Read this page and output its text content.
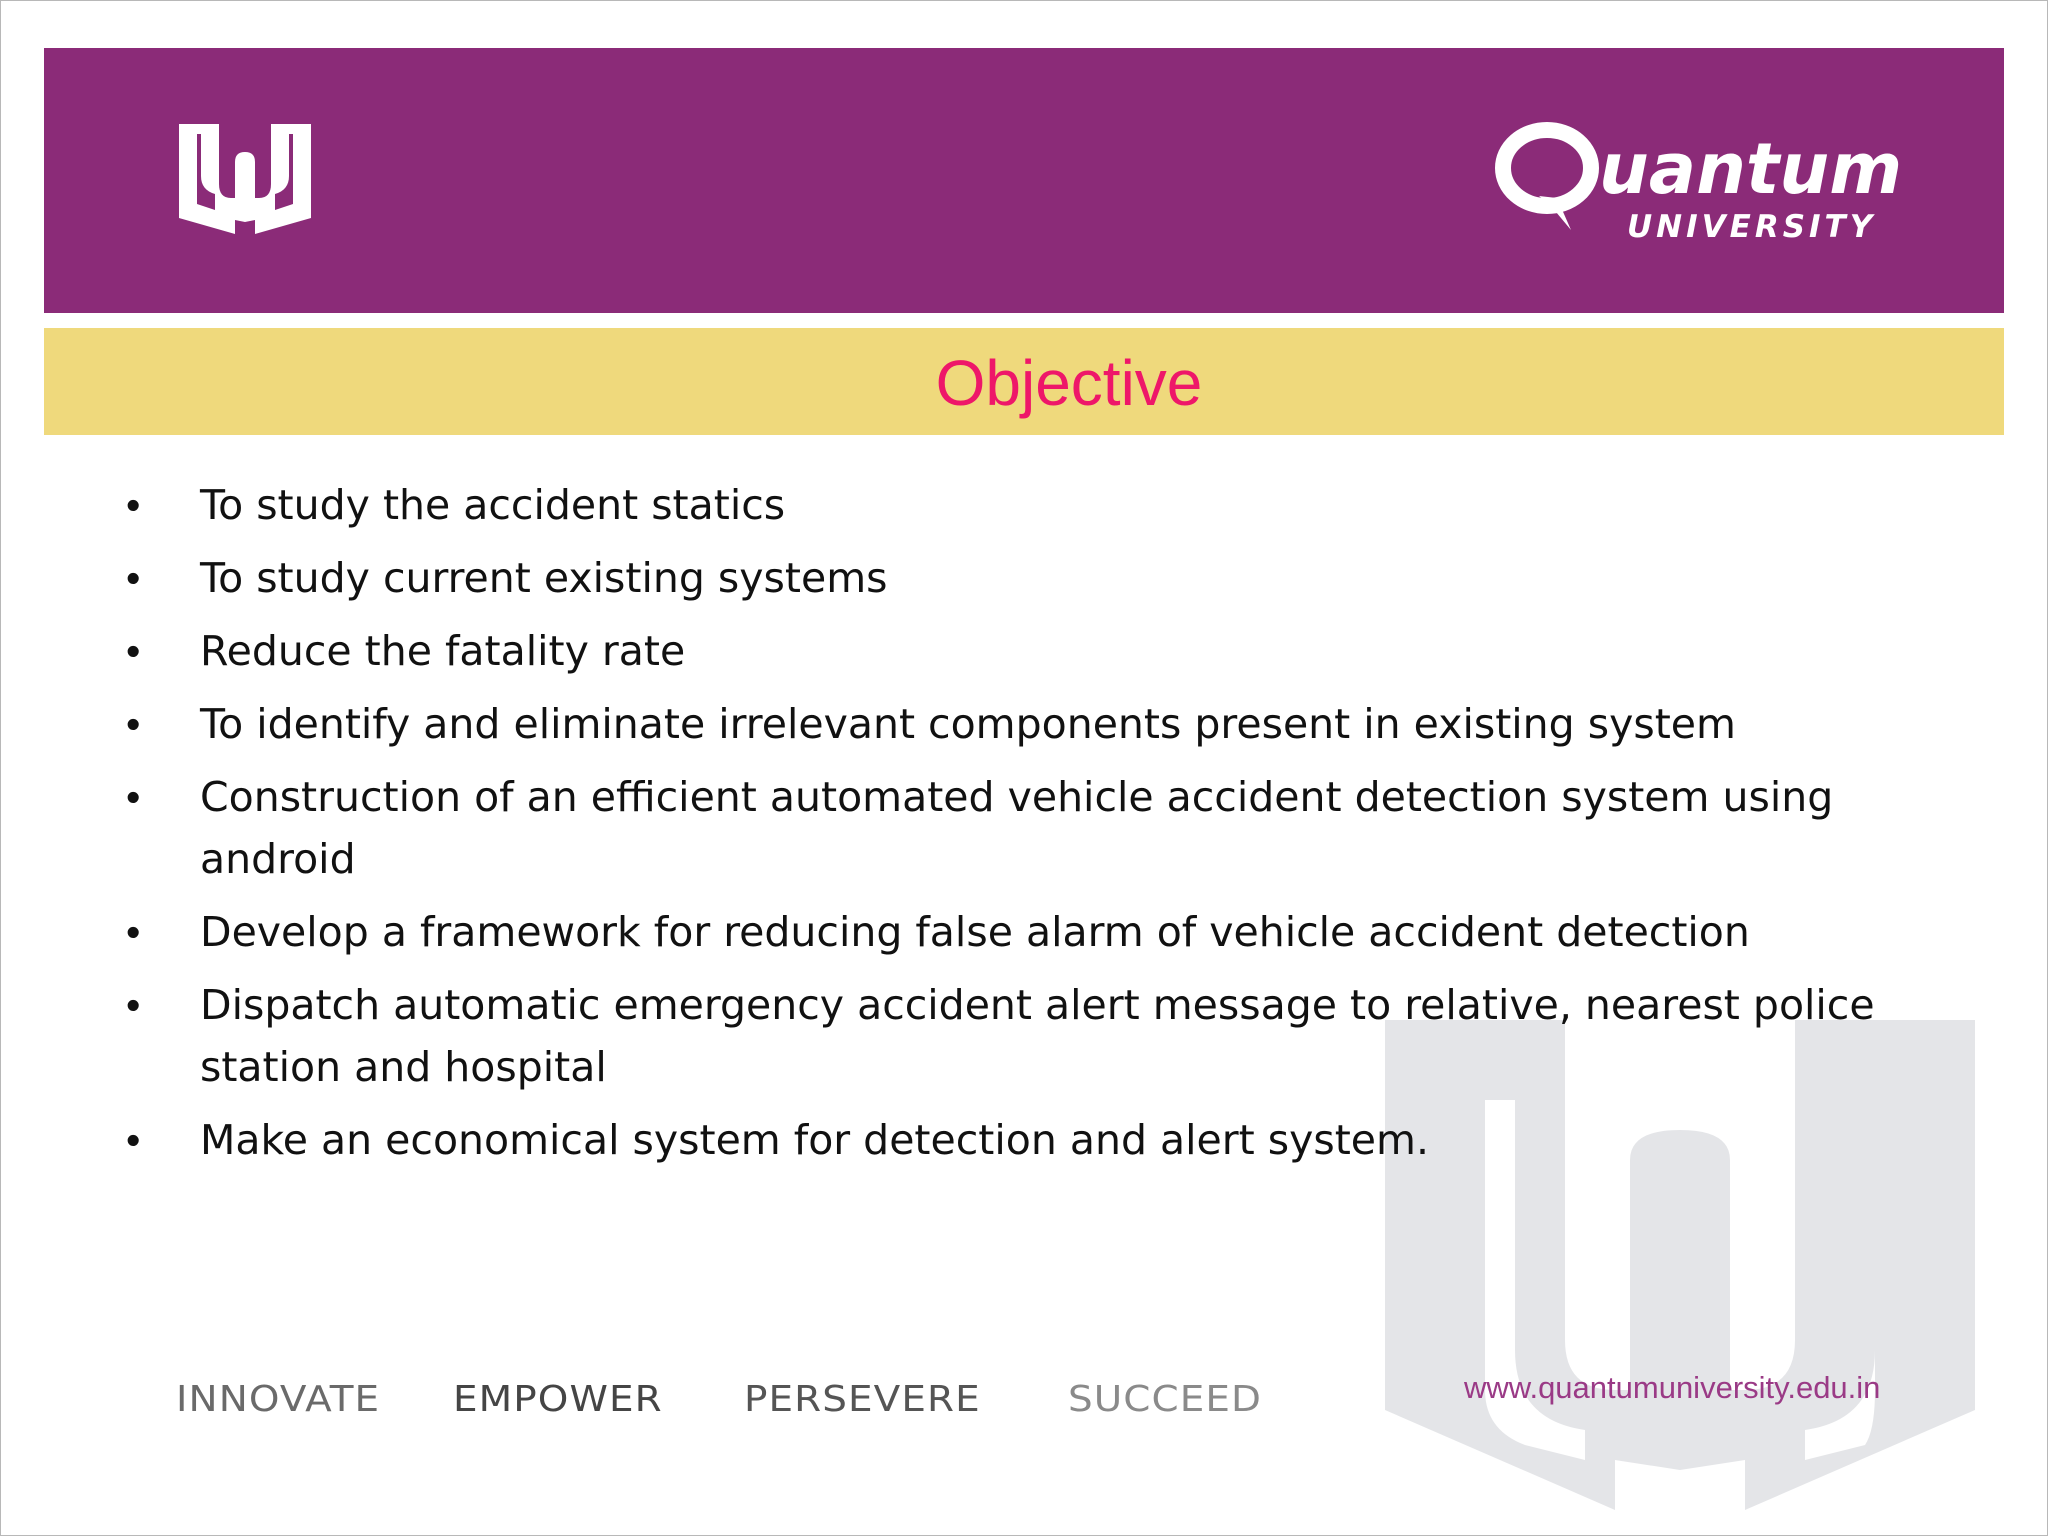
uantum
UNIVERSITY
Objective
• To study the accident statics
• To study current existing systems
• Reduce the fatality rate
• To identify and eliminate irrelevant components present in existing system
• Construction of an efficient automated vehicle accident detection system using android
• Develop a framework for reducing false alarm of vehicle accident detection
• Dispatch automatic emergency accident alert message to relative, nearest police station and hospital
• Make an economical system for detection and alert system.
INNOVATE EMPOWER PERSEVERE SUCCEED	www.quantumuniversity.edu.in
